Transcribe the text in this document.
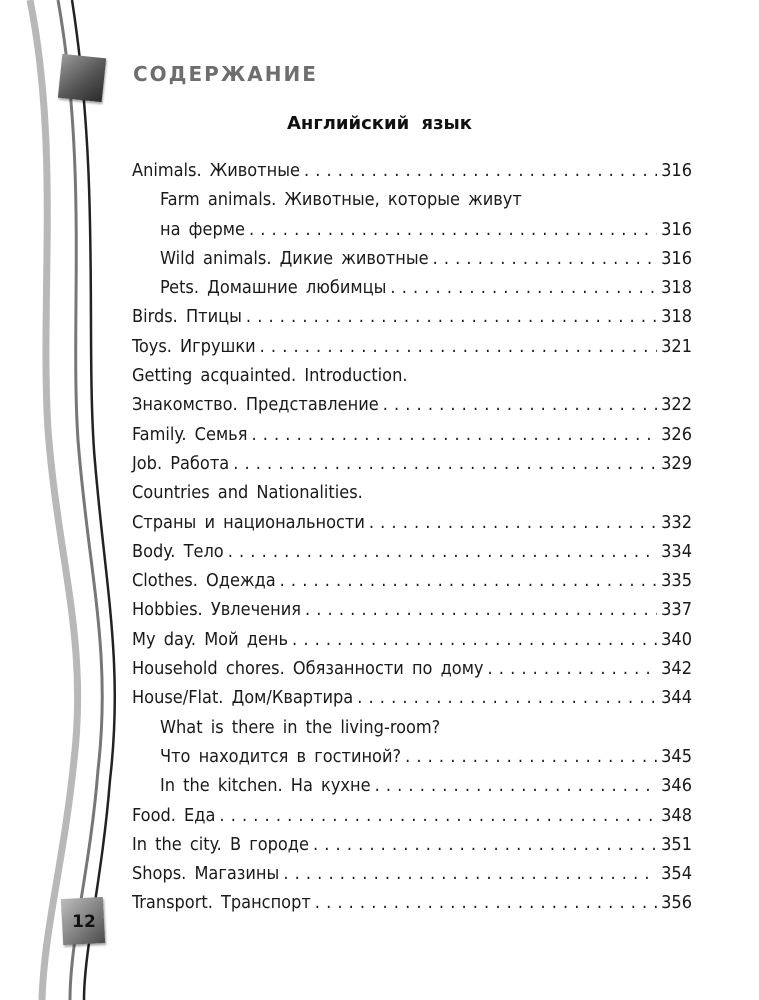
СОДЕРЖАНИЕ
Английский язык
Animals. Животные . . .	316
Farm animals. Животные, которые живут
на ферме . . .	316
Wild animals. Дикие животные . . .	316
Pets. Домашние любимцы . . .	318
Birds. Птицы . . .	318
Toys. Игрушки . . .	321
Getting acquainted. Introduction.
Знакомство. Представление . . .	322
Family. Семья . . .	326
Job. Работа . . .	329
Countries and Nationalities.
Страны и национальности . . .	332
Body. Тело . . .	334
Clothes. Одежда . . .	335
Hobbies. Увлечения . . .	337
My day. Мой день . . .	340
Household chores. Обязанности по дому . . .	342
House/Flat. Дом/Квартира . . .	344
What is there in the living-room?
Что находится в гостиной? . . .	345
In the kitchen. На кухне . . .	346
Food. Еда . . .	348
In the city. В городе . . .	351
Shops. Магазины . . .	354
Transport. Транспорт . . .	356
12
